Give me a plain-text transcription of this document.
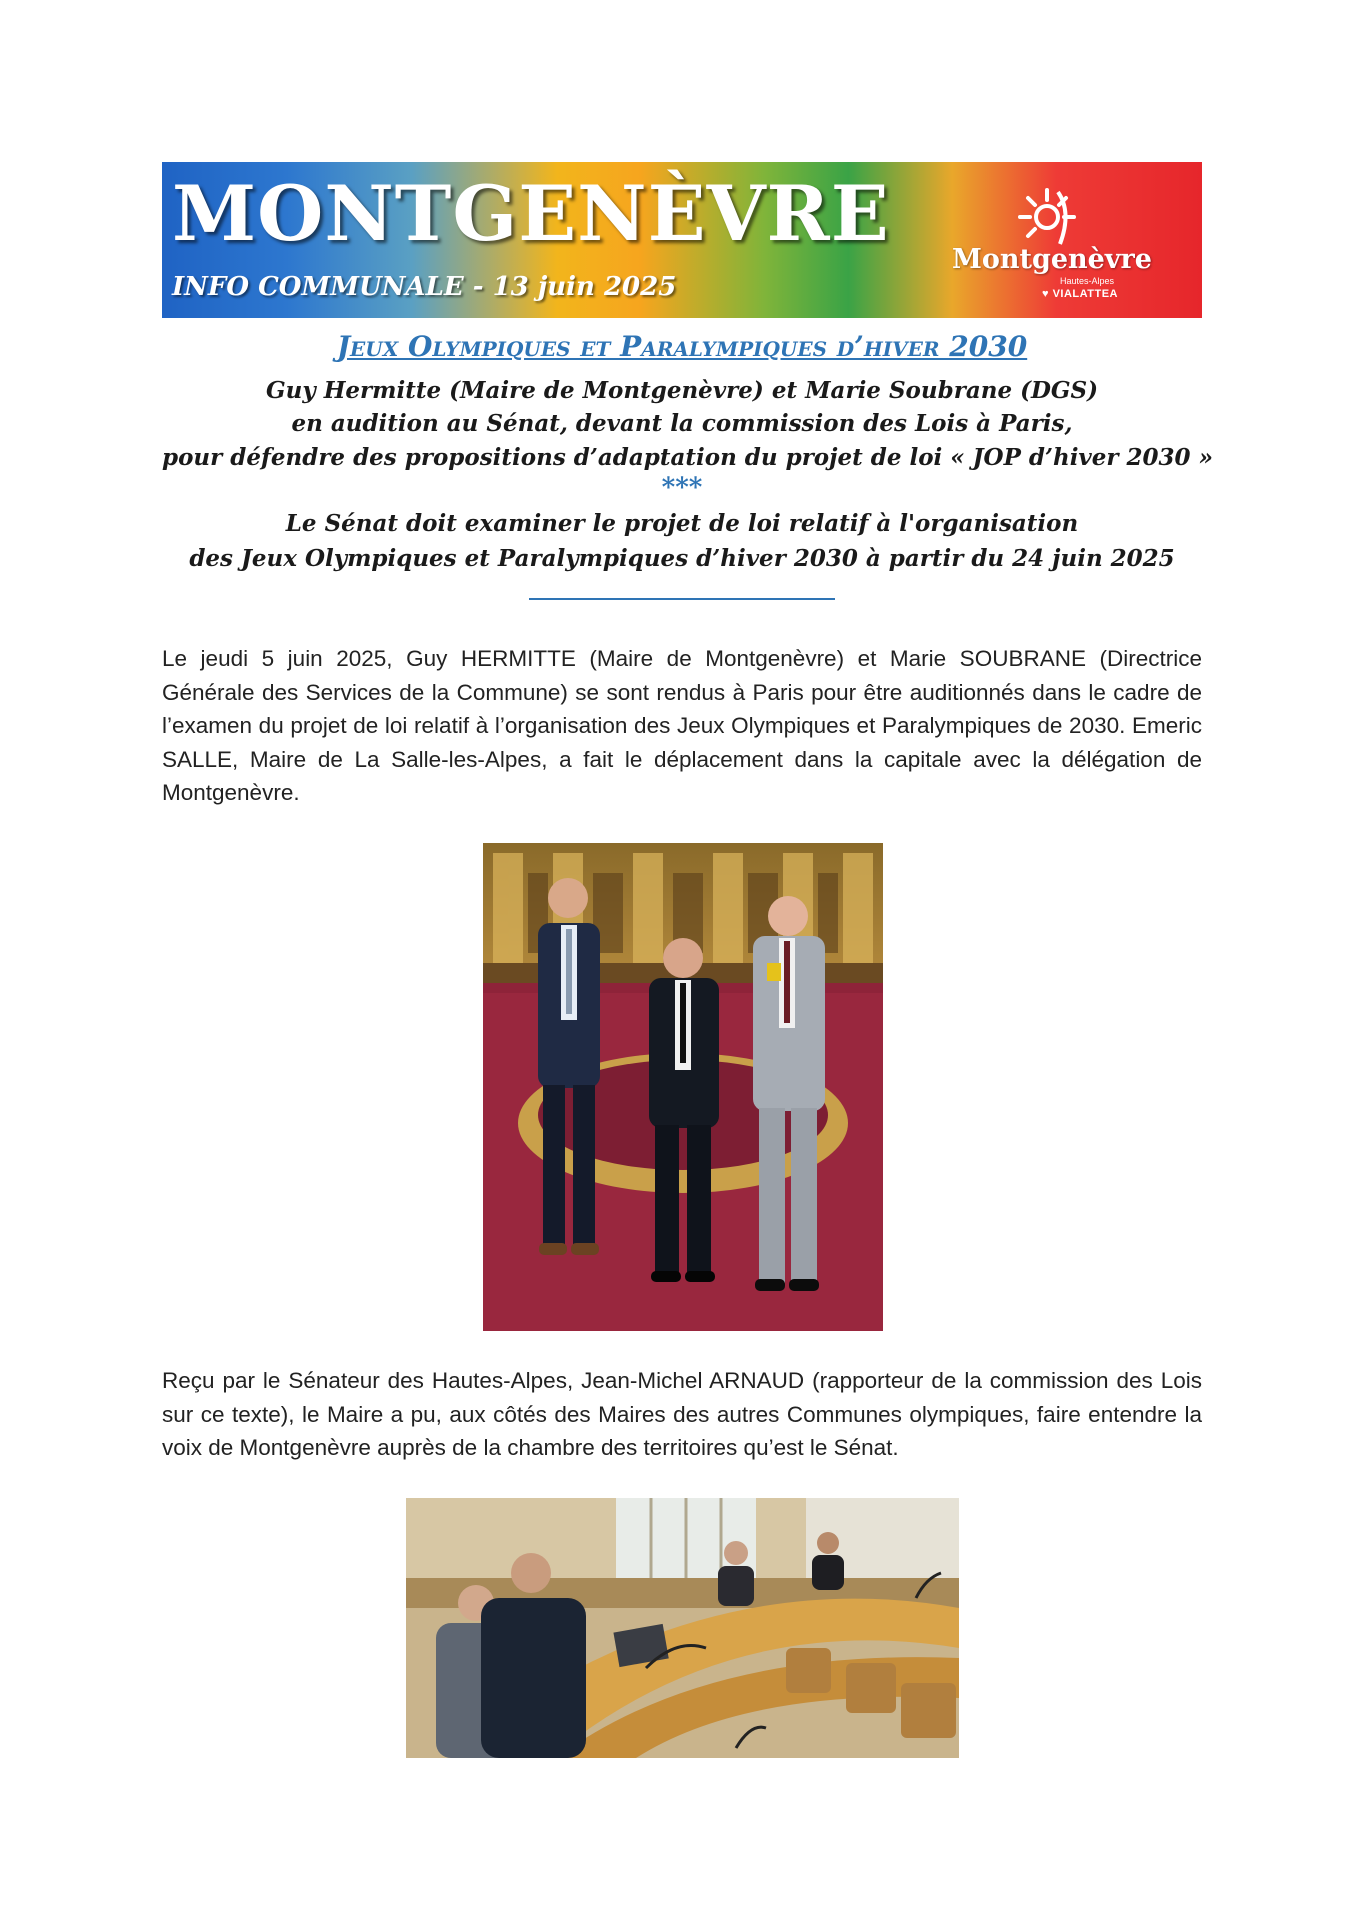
MONTGENÈVRE
INFO COMMUNALE - 13 juin 2025
Montgenèvre
Hautes-Alpes
♥ VIALATTEA
Jeux Olympiques et Paralympiques d’hiver 2030
Guy Hermitte (Maire de Montgenèvre) et Marie Soubrane (DGS)
en audition au Sénat, devant la commission des Lois à Paris,
pour défendre des propositions d’adaptation du projet de loi « JOP d’hiver 2030 »
***
Le Sénat doit examiner le projet de loi relatif à l'organisation
des Jeux Olympiques et Paralympiques d’hiver 2030 à partir du 24 juin 2025
Le jeudi 5 juin 2025, Guy HERMITTE (Maire de Montgenèvre) et Marie SOUBRANE (Directrice Générale des Services de la Commune) se sont rendus à Paris pour être auditionnés dans le cadre de l’examen du projet de loi relatif à l’organisation des Jeux Olympiques et Paralympiques de 2030. Emeric SALLE, Maire de La Salle-les-Alpes, a fait le déplacement dans la capitale avec la délégation de Montgenèvre.
Reçu par le Sénateur des Hautes-Alpes, Jean-Michel ARNAUD (rapporteur de la commission des Lois sur ce texte), le Maire a pu, aux côtés des Maires des autres Communes olympiques, faire entendre la voix de Montgenèvre auprès de la chambre des territoires qu’est le Sénat.
